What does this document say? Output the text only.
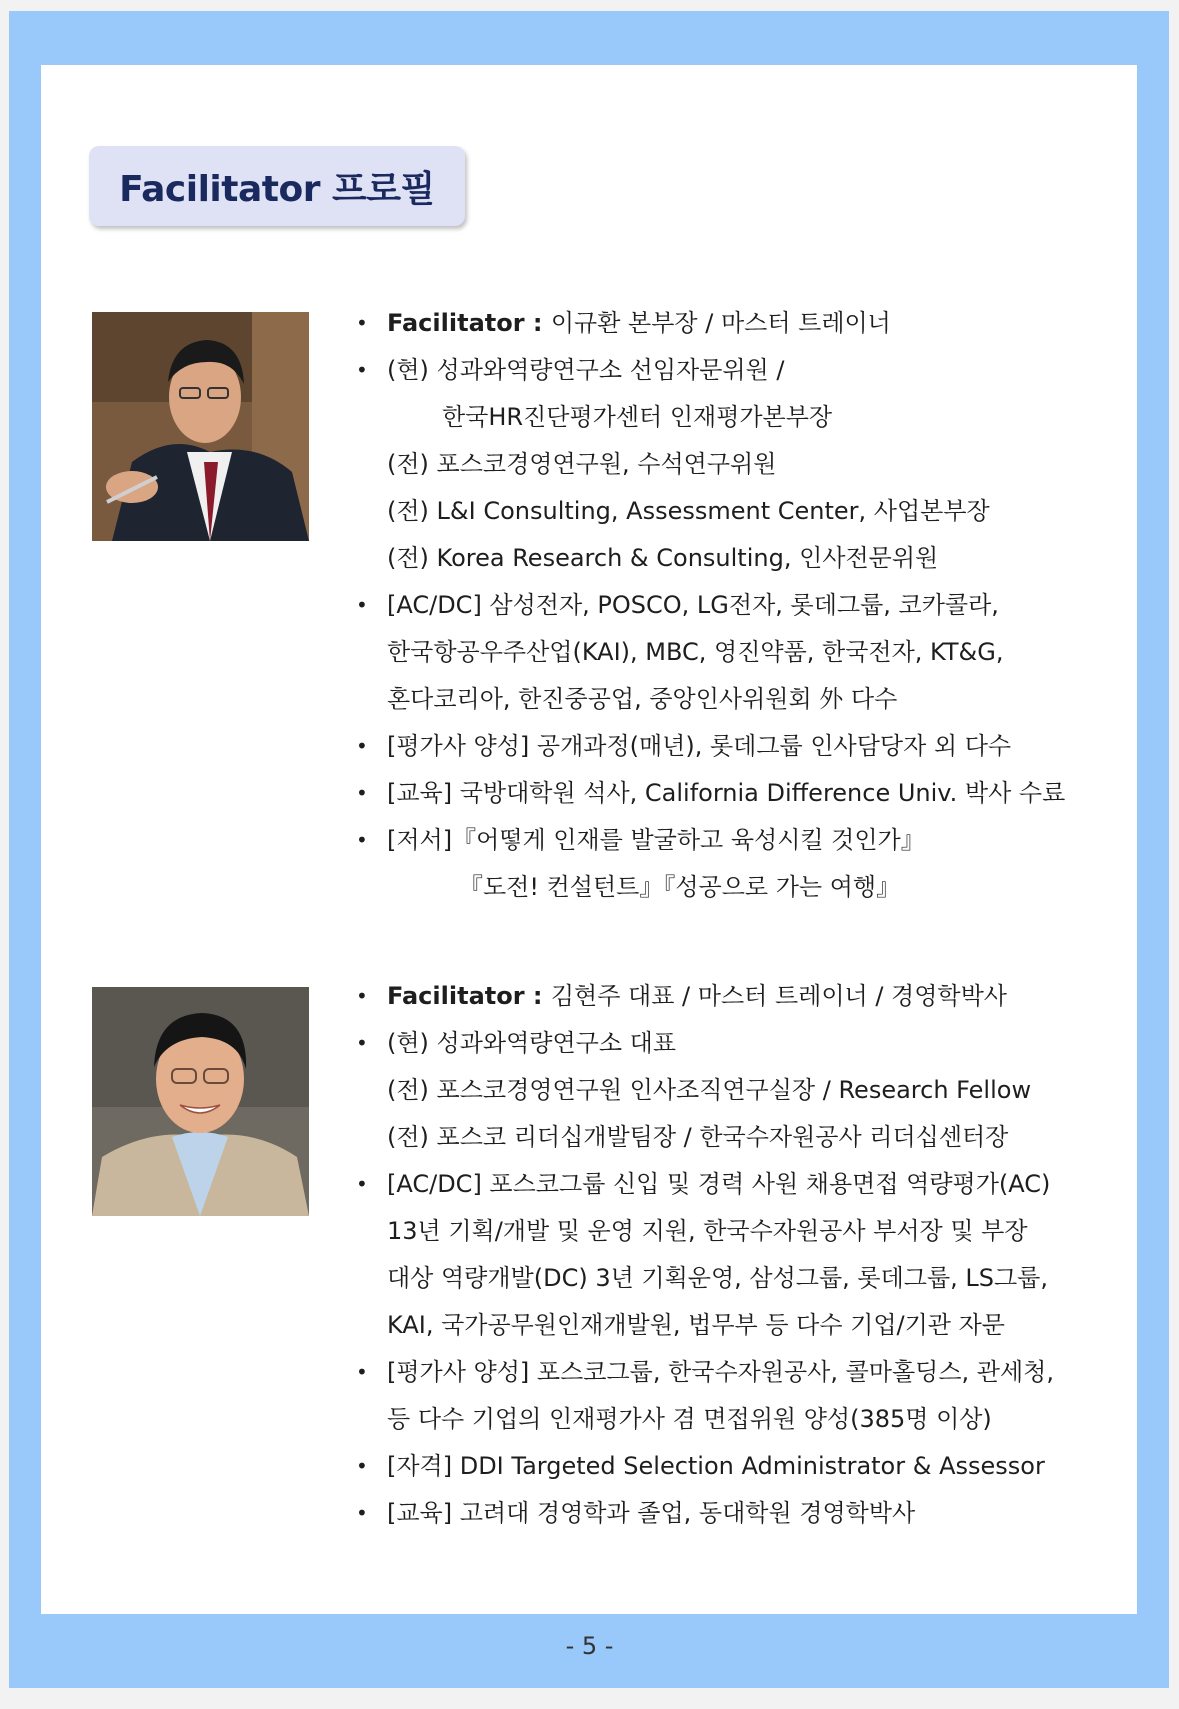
Facilitator 프로필
• Facilitator : 이규환 본부장 / 마스터 트레이너
• (현) 성과와역량연구소 선임자문위원 /
한국HR진단평가센터 인재평가본부장
(전) 포스코경영연구원, 수석연구위원
(전) L&I Consulting, Assessment Center, 사업본부장
(전) Korea Research & Consulting, 인사전문위원
• [AC/DC] 삼성전자, POSCO, LG전자, 롯데그룹, 코카콜라,
한국항공우주산업(KAI), MBC, 영진약품, 한국전자, KT&G,
혼다코리아, 한진중공업, 중앙인사위원회 外 다수
• [평가사 양성] 공개과정(매년), 롯데그룹 인사담당자 외 다수
• [교육] 국방대학원 석사, California Difference Univ. 박사 수료
• [저서]『어떻게 인재를 발굴하고 육성시킬 것인가』
『도전! 컨설턴트』『성공으로 가는 여행』
• Facilitator : 김현주 대표 / 마스터 트레이너 / 경영학박사
• (현) 성과와역량연구소 대표
(전) 포스코경영연구원 인사조직연구실장 / Research Fellow
(전) 포스코 리더십개발팀장 / 한국수자원공사 리더십센터장
• [AC/DC] 포스코그룹 신입 및 경력 사원 채용면접 역량평가(AC)
13년 기획/개발 및 운영 지원, 한국수자원공사 부서장 및 부장
대상 역량개발(DC) 3년 기획운영, 삼성그룹, 롯데그룹, LS그룹,
KAI, 국가공무원인재개발원, 법무부 등 다수 기업/기관 자문
• [평가사 양성] 포스코그룹, 한국수자원공사, 콜마홀딩스, 관세청,
등 다수 기업의 인재평가사 겸 면접위원 양성(385명 이상)
• [자격] DDI Targeted Selection Administrator & Assessor
• [교육] 고려대 경영학과 졸업, 동대학원 경영학박사
- 5 -
